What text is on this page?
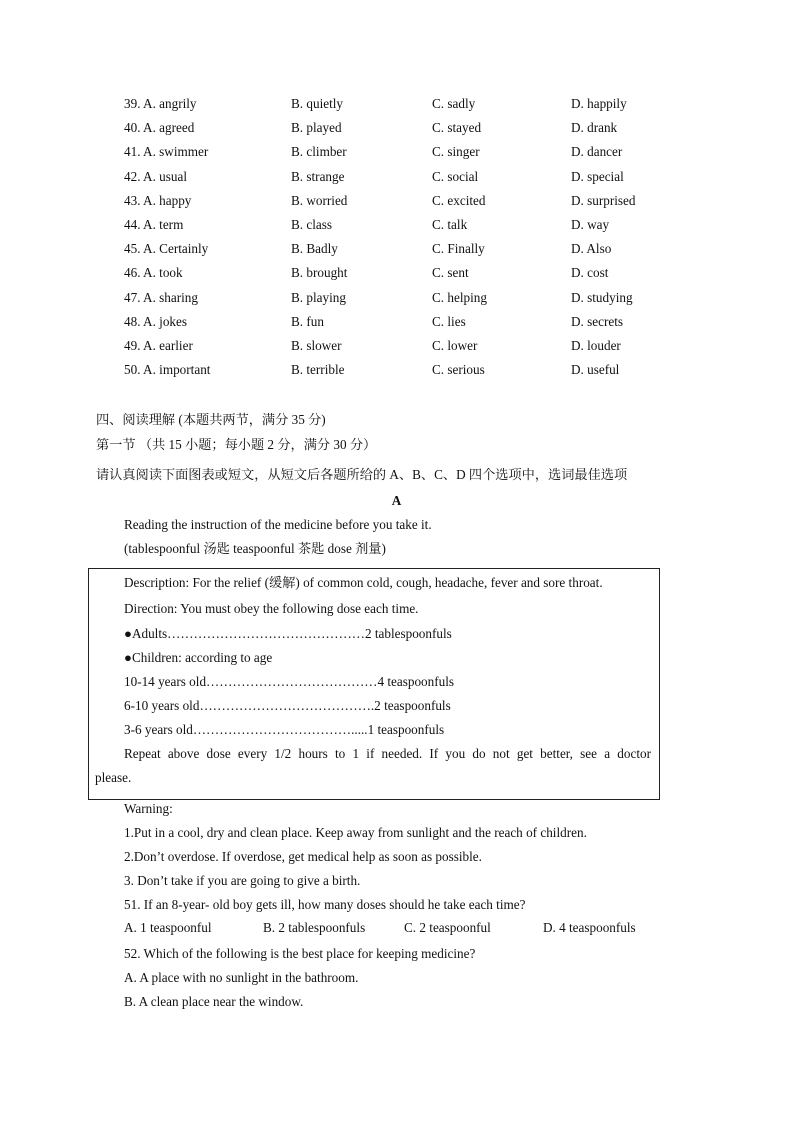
39. A. angrily	B. quietly	C. sadly	D. happily
40. A. agreed	B. played	C. stayed	D. drank
41. A. swimmer	B. climber	C. singer	D. dancer
42. A. usual	B. strange	C. social	D. special
43. A. happy	B. worried	C. excited	D. surprised
44. A. term	B. class	C. talk	D. way
45. A. Certainly	B. Badly	C. Finally	D. Also
46. A. took	B. brought	C. sent	D. cost
47. A. sharing	B. playing	C. helping	D. studying
48. A. jokes	B. fun	C. lies	D. secrets
49. A. earlier	B. slower	C. lower	D. louder
50. A. important	B. terrible	C. serious	D. useful
四、阅读理解 (本题共两节，满分 35 分)
第一节 （共 15 小题；每小题 2 分，满分 30 分）
请认真阅读下面图表或短文，从短文后各题所给的 A、B、C、D 四个选项中，选词最佳选项
A
Reading the instruction of the medicine before you take it.
(tablespoonful 汤匙 teaspoonful 茶匙 dose 剂量)
Description: For the relief (缓解) of common cold, cough, headache, fever and sore throat.
Direction: You must obey the following dose each time.
●Adults………………………………………2 tablespoonfuls
●Children: according to age
10-14 years old…………………………………4 teaspoonfuls
6-10 years old………………………………….2 teaspoonfuls
3-6 years old……………………………….....1 teaspoonfuls
Repeat above dose every 1/2 hours to 1 if needed. If you do not get better, see a doctor
please.
Warning:
1.Put in a cool, dry and clean place. Keep away from sunlight and the reach of children.
2.Don’t overdose. If overdose, get medical help as soon as possible.
3. Don’t take if you are going to give a birth.
51. If an 8-year- old boy gets ill, how many doses should he take each time?
A. 1 teaspoonful	B. 2 tablespoonfuls	C. 2 teaspoonful	D. 4 teaspoonfuls
52. Which of the following is the best place for keeping medicine?
A. A place with no sunlight in the bathroom.
B. A clean place near the window.
